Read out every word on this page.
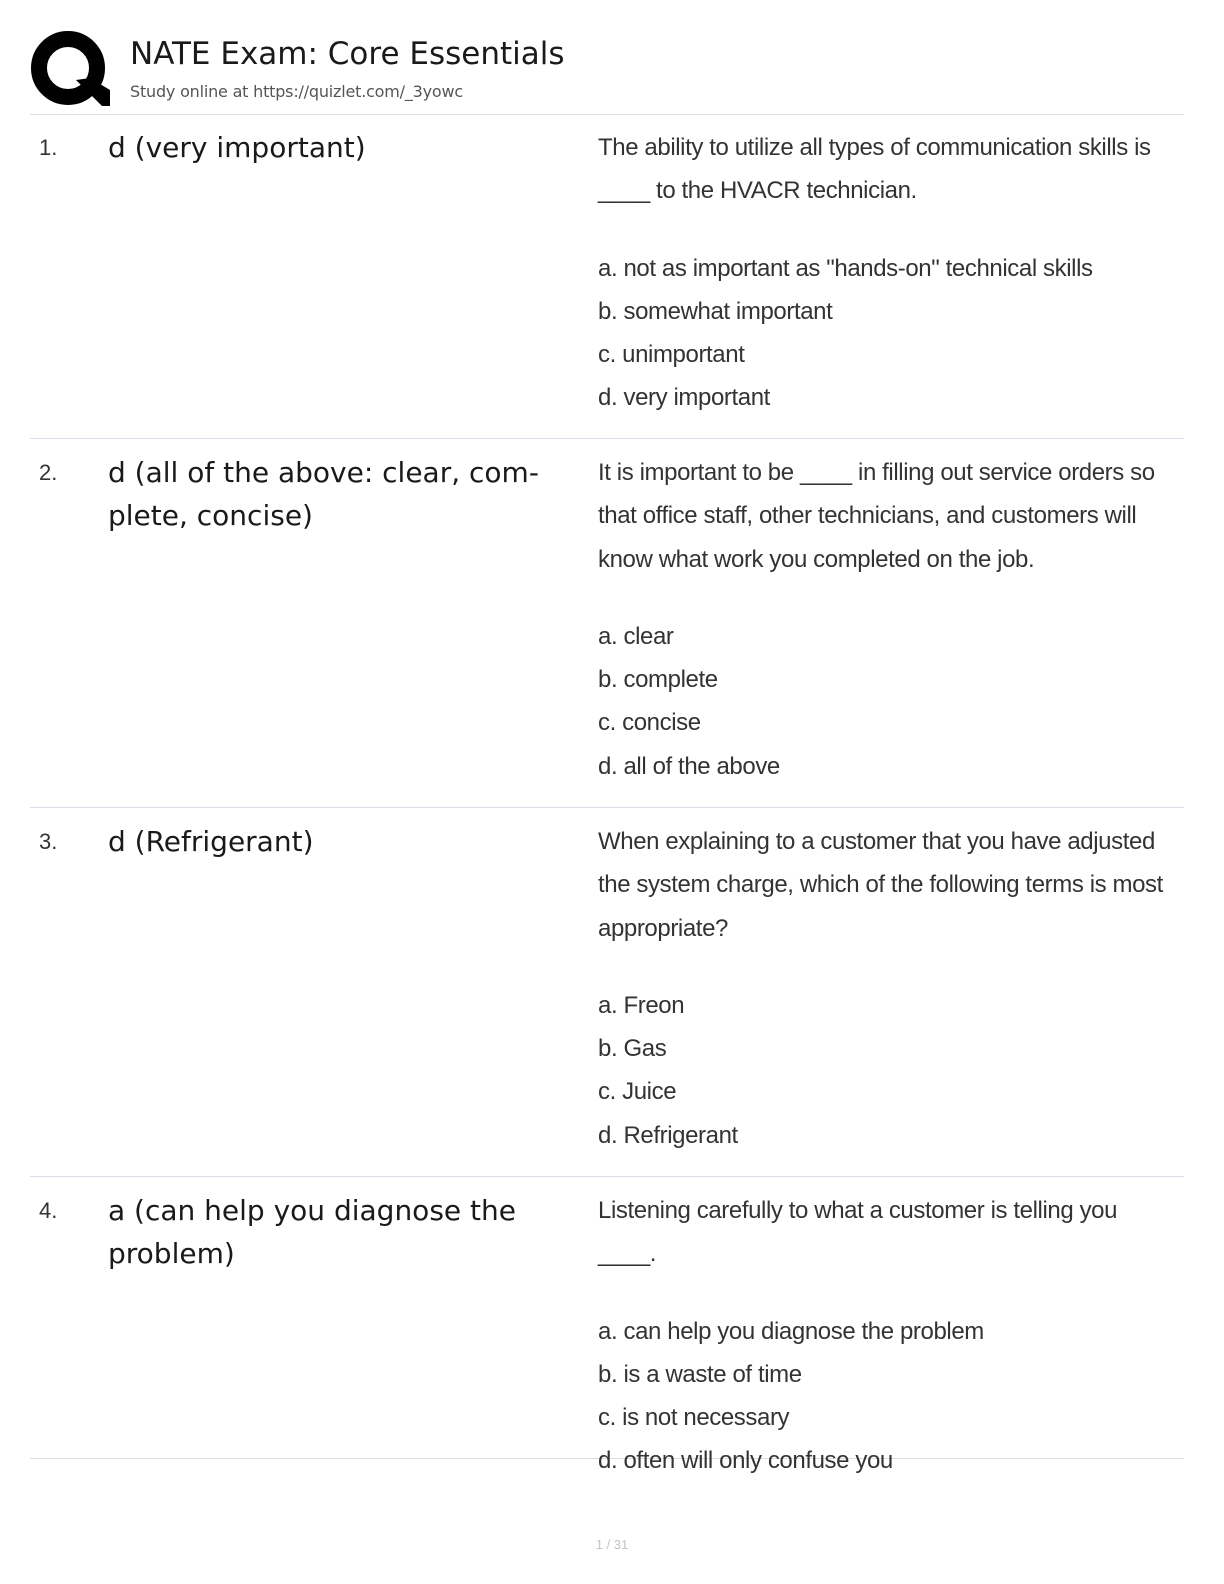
NATE Exam: Core Essentials
Study online at https://quizlet.com/_3yowc
1. d (very important)	The ability to utilize all types of communication skills is ____ to the HVACR technician.

a. not as important as "hands-on" technical skills

b. somewhat important

c. unimportant

d. very important

2. d (all of the above: clear, com- plete, concise)

It is important to be ____ in filling out service orders so that office staff, other technicians, and customers will know what work you completed on the job.

a. clear

b. complete

c. concise

d. all of the above

3. d (Refrigerant)	When explaining to a customer that you have adjusted the system charge, which of the following terms is most appropriate?

a. Freon

b. Gas

c. Juice

d. Refrigerant

4. a (can help you diagnose the problem)

Listening carefully to what a customer is telling you ____.

a. can help you diagnose the problem

b. is a waste of time

c. is not necessary

d. often will only confuse you

1 / 31
